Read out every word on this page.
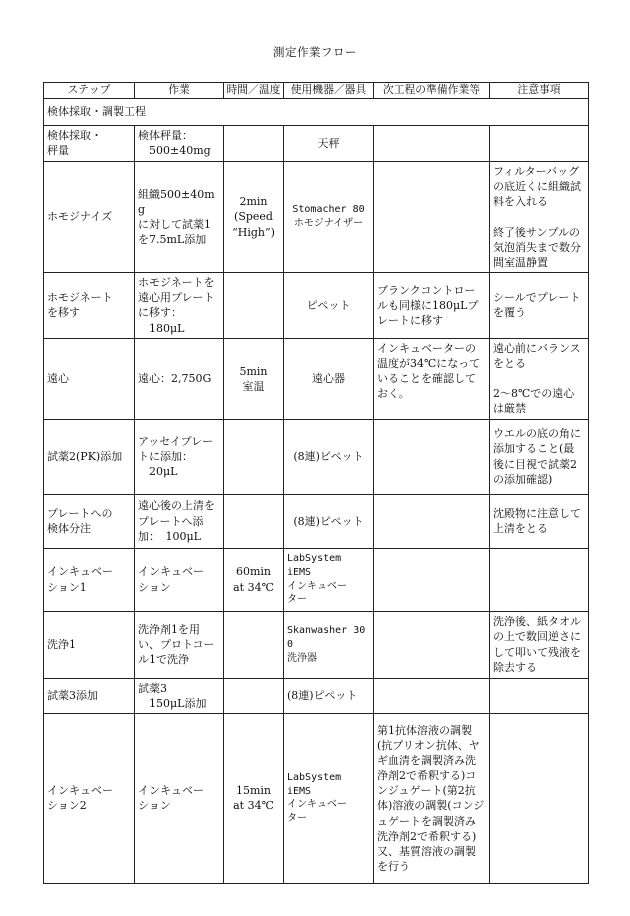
測定作業フロー
ステップ	作業	時間／温度	使用機器／器具	次工程の準備作業等	注意事項
検体採取・調製工程					
検体採取・
秤量	検体秤量：
　500±40mg		天秤		
ホモジナイズ	組織500±40mg
に対して試薬1
を7.5mL添加	2min
(Speed
“High”)	Stomacher 80
ホモジナイザー		フィルターバッグの底近くに組織試料を入れる

終了後サンプルの気泡消失まで数分間室温静置
ホモジネート
を移す	ホモジネートを
遠心用プレート
に移す：
　180μL		ピペット	ブランクコントロールも同様に180μLプレートに移す	シールでプレートを覆う
遠心	遠心：2,750G	5min
室温	遠心器	インキュベーターの温度が34℃になっていることを確認しておく。	遠心前にバランスをとる

2〜8℃での遠心は厳禁
試薬2(PK)添加	アッセイプレー
トに添加：
　20μL		(8連)ピペット		ウエルの底の角に添加すること(最後に目視で試薬2の添加確認)
プレートへの
検体分注	遠心後の上清を
プレートへ添
加：　100μL		(8連)ピペット		沈殿物に注意して上清をとる
インキュベー
ション1	インキュベー
ション	60min
at 34℃	LabSystem
iEMS
インキュベー
ター		
洗浄1	洗浄剤1を用
い、プロトコー
ル1で洗浄		Skanwasher 300
洗浄器		洗浄後、紙タオルの上で数回逆さにして叩いて残液を除去する
試薬3添加	試薬3
　150μL添加		(8連)ピペット		
インキュベー
ション2	インキュベー
ション	15min
at 34℃	LabSystem
iEMS
インキュベー
ター	第1抗体溶液の調製(抗プリオン抗体、ヤギ血清を調製済み洗浄剤2で希釈する)コンジュゲート(第2抗体)溶液の調製(コンジュゲートを調製済み洗浄剤2で希釈する)
又、基質溶液の調製を行う	
